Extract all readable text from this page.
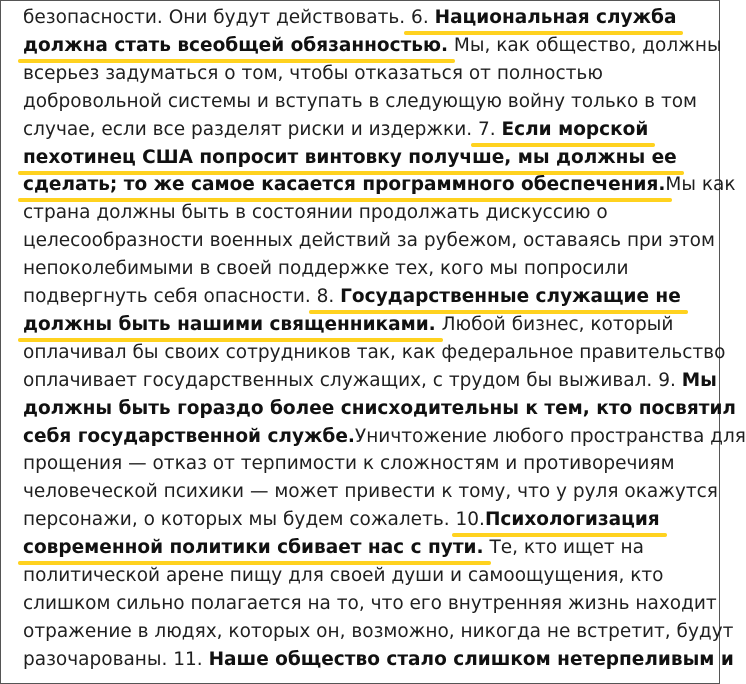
безопасности. Они будут действовать. 6. Национальная служба
должна стать всеобщей обязанностью. Мы, как общество, должны
всерьез задуматься о том, чтобы отказаться от полностью
добровольной системы и вступать в следующую войну только в том
случае, если все разделят риски и издержки. 7. Если морской
пехотинец США попросит винтовку получше, мы должны ее
сделать; то же самое касается программного обеспечения.Мы как
страна должны быть в состоянии продолжать дискуссию о
целесообразности военных действий за рубежом, оставаясь при этом
непоколебимыми в своей поддержке тех, кого мы попросили
подвергнуть себя опасности. 8. Государственные служащие не
должны быть нашими священниками. Любой бизнес, который
оплачивал бы своих сотрудников так, как федеральное правительство
оплачивает государственных служащих, с трудом бы выживал. 9. Мы
должны быть гораздо более снисходительны к тем, кто посвятил
себя государственной службе.Уничтожение любого пространства для
прощения — отказ от терпимости к сложностям и противоречиям
человеческой психики — может привести к тому, что у руля окажутся
персонажи, о которых мы будем сожалеть. 10.Психологизация
современной политики сбивает нас с пути. Те, кто ищет на
политической арене пищу для своей души и самоощущения, кто
слишком сильно полагается на то, что его внутренняя жизнь находит
отражение в людях, которых он, возможно, никогда не встретит, будут
разочарованы. 11. Наше общество стало слишком нетерпеливым и
